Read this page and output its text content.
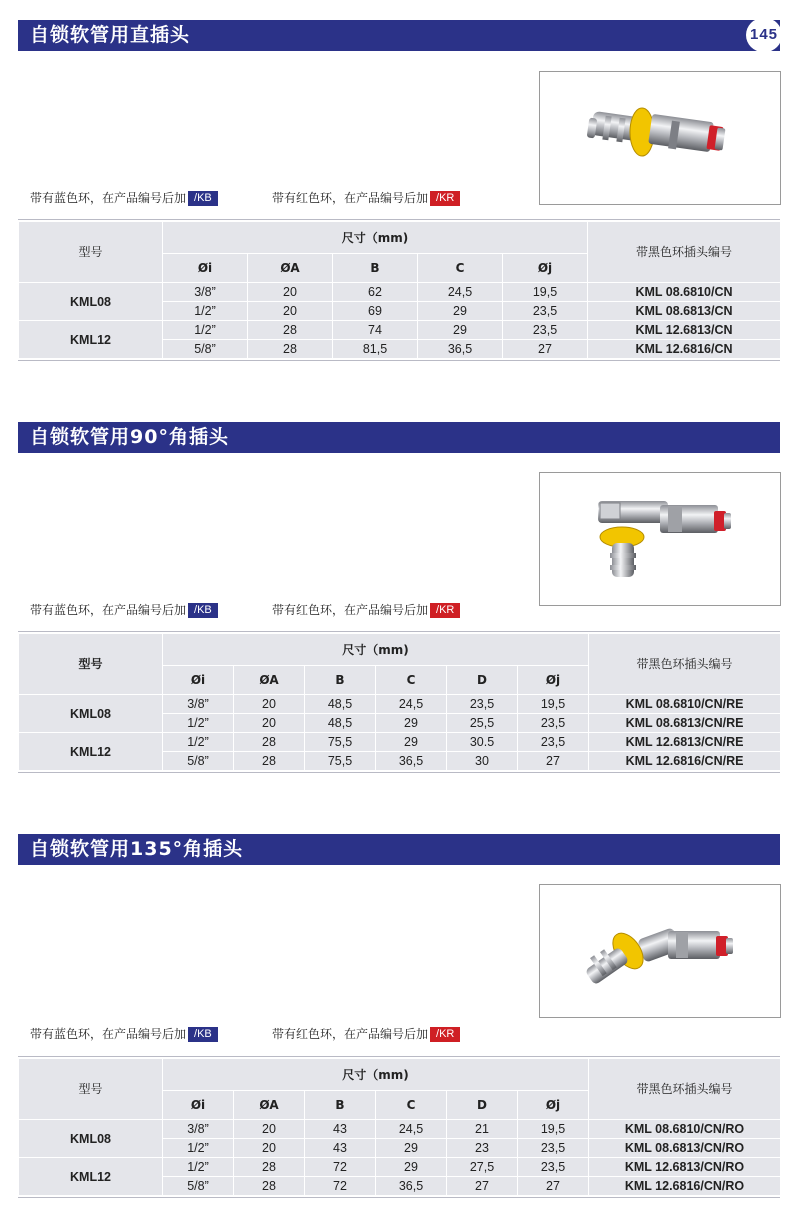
自锁软管用直插头	145
带有蓝色环，在产品编号后加 /KB	带有红色环，在产品编号后加 /KR
型号	尺寸（mm)					带黑色环插头编号
	Øi	ØA	B	C	Øj	
KML08	3/8”	20	62	24,5	19,5	KML 08.6810/CN
	1/2”	20	69	29	23,5	KML 08.6813/CN
KML12	1/2”	28	74	29	23,5	KML 12.6813/CN
	5/8”	28	81,5	36,5	27	KML 12.6816/CN
自锁软管用90°角插头
带有蓝色环，在产品编号后加 /KB	带有红色环，在产品编号后加 /KR
型号	尺寸（mm)						带黑色环插头编号
	Øi	ØA	B	C	D	Øj	
KML08	3/8”	20	48,5	24,5	23,5	19,5	KML 08.6810/CN/RE
	1/2”	20	48,5	29	25,5	23,5	KML 08.6813/CN/RE
KML12	1/2”	28	75,5	29	30.5	23,5	KML 12.6813/CN/RE
	5/8”	28	75,5	36,5	30	27	KML 12.6816/CN/RE
自锁软管用135°角插头
带有蓝色环，在产品编号后加 /KB	带有红色环，在产品编号后加 /KR
型号	尺寸（mm)						带黑色环插头编号
	Øi	ØA	B	C	D	Øj	
KML08	3/8”	20	43	24,5	21	19,5	KML 08.6810/CN/RO
	1/2”	20	43	29	23	23,5	KML 08.6813/CN/RO
KML12	1/2”	28	72	29	27,5	23,5	KML 12.6813/CN/RO
	5/8”	28	72	36,5	27	27	KML 12.6816/CN/RO
